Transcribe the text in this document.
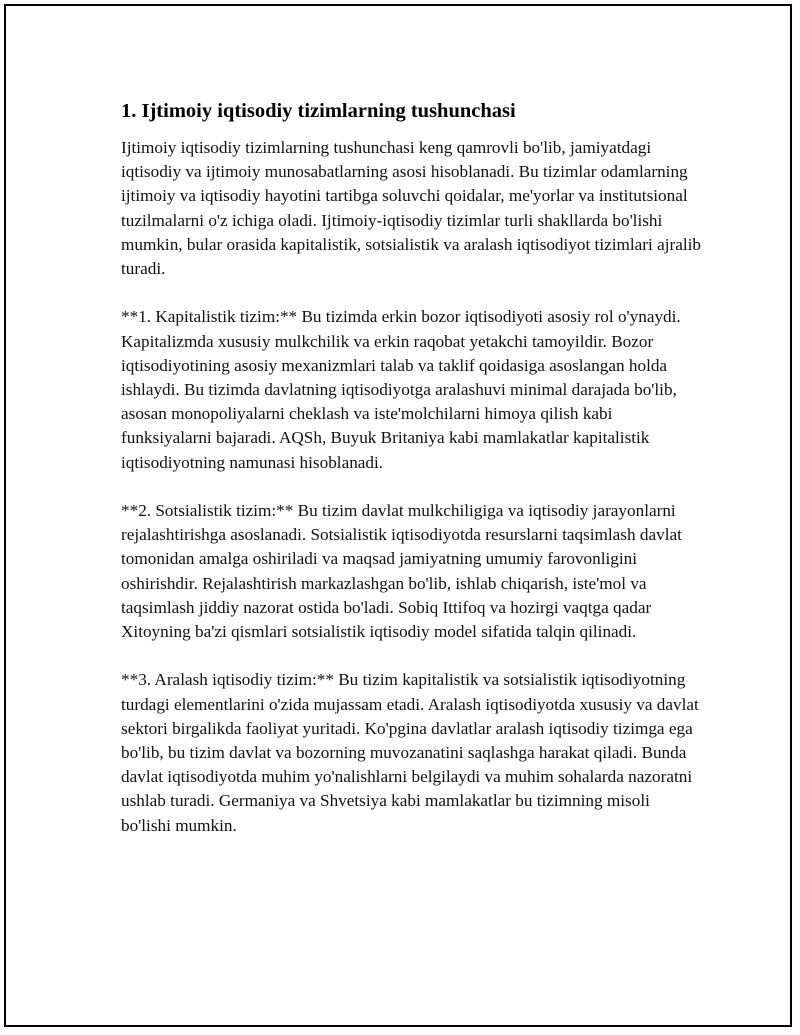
1. Ijtimoiy iqtisodiy tizimlarning tushunchasi

Ijtimoiy iqtisodiy tizimlarning tushunchasi keng qamrovli bo'lib, jamiyatdagi iqtisodiy va ijtimoiy munosabatlarning asosi hisoblanadi. Bu tizimlar odamlarning ijtimoiy va iqtisodiy hayotini tartibga soluvchi qoidalar, me'yorlar va institutsional tuzilmalarni o'z ichiga oladi. Ijtimoiy-iqtisodiy tizimlar turli shakllarda bo'lishi mumkin, bular orasida kapitalistik, sotsialistik va aralash iqtisodiyot tizimlari ajralib turadi.

**1. Kapitalistik tizim:** Bu tizimda erkin bozor iqtisodiyoti asosiy rol o'ynaydi. Kapitalizmda xususiy mulkchilik va erkin raqobat yetakchi tamoyildir. Bozor iqtisodiyotining asosiy mexanizmlari talab va taklif qoidasiga asoslangan holda ishlaydi. Bu tizimda davlatning iqtisodiyotga aralashuvi minimal darajada bo'lib, asosan monopoliyalarni cheklash va iste'molchilarni himoya qilish kabi funksiyalarni bajaradi. AQSh, Buyuk Britaniya kabi mamlakatlar kapitalistik iqtisodiyotning namunasi hisoblanadi.

**2. Sotsialistik tizim:** Bu tizim davlat mulkchiligiga va iqtisodiy jarayonlarni rejalashtirishga asoslanadi. Sotsialistik iqtisodiyotda resurslarni taqsimlash davlat tomonidan amalga oshiriladi va maqsad jamiyatning umumiy farovonligini oshirishdir. Rejalashtirish markazlashgan bo'lib, ishlab chiqarish, iste'mol va taqsimlash jiddiy nazorat ostida bo'ladi. Sobiq Ittifoq va hozirgi vaqtga qadar Xitoyning ba'zi qismlari sotsialistik iqtisodiy model sifatida talqin qilinadi.

**3. Aralash iqtisodiy tizim:** Bu tizim kapitalistik va sotsialistik iqtisodiyotning turdagi elementlarini o'zida mujassam etadi. Aralash iqtisodiyotda xususiy va davlat sektori birgalikda faoliyat yuritadi. Ko'pgina davlatlar aralash iqtisodiy tizimga ega bo'lib, bu tizim davlat va bozorning muvozanatini saqlashga harakat qiladi. Bunda davlat iqtisodiyotda muhim yo'nalishlarni belgilaydi va muhim sohalarda nazoratni ushlab turadi. Germaniya va Shvetsiya kabi mamlakatlar bu tizimning misoli bo'lishi mumkin.
